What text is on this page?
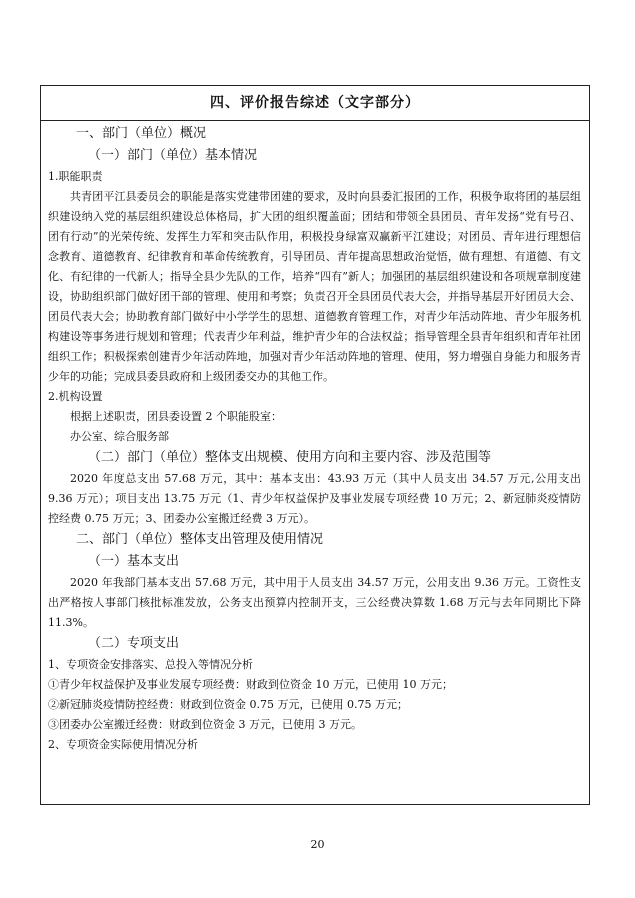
四、评价报告综述（文字部分）
一、部门（单位）概况
（一）部门（单位）基本情况
1.职能职责

共青团平江县委员会的职能是落实党建带团建的要求，及时向县委汇报团的工作，积极争取将团的基层组织建设纳入党的基层组织建设总体格局，扩大团的组织覆盖面；团结和带领全县团员、青年发扬“党有号召、团有行动”的光荣传统、发挥生力军和突击队作用，积极投身绿富双赢新平江建设；对团员、青年进行理想信念教育、道德教育、纪律教育和革命传统教育，引导团员、青年提高思想政治觉悟，做有理想、有道德、有文化、有纪律的一代新人；指导全县少先队的工作，培养“四有”新人；加强团的基层组织建设和各项规章制度建设，协助组织部门做好团干部的管理、使用和考察；负责召开全县团员代表大会，并指导基层开好团员大会、团员代表大会；协助教育部门做好中小学学生的思想、道德教育管理工作，对青少年活动阵地、青少年服务机构建设等事务进行规划和管理；代表青少年利益，维护青少年的合法权益；指导管理全县青年组织和青年社团组织工作；积极探索创建青少年活动阵地，加强对青少年活动阵地的管理、使用，努力增强自身能力和服务青少年的功能；完成县委县政府和上级团委交办的其他工作。

2.机构设置

根据上述职责，团县委设置 2 个职能股室：

办公室、综合服务部

（二）部门（单位）整体支出规模、使用方向和主要内容、涉及范围等

2020 年度总支出 57.68 万元，其中：基本支出：43.93 万元（其中人员支出 34.57 万元,公用支出 9.36 万元）；项目支出 13.75 万元（1、青少年权益保护及事业发展专项经费 10 万元；2、新冠肺炎疫情防控经费 0.75 万元；3、团委办公室搬迁经费 3 万元）。

二、部门（单位）整体支出管理及使用情况
（一）基本支出

2020 年我部门基本支出 57.68 万元，其中用于人员支出 34.57 万元，公用支出 9.36 万元。工资性支出严格按人事部门核批标准发放，公务支出预算内控制开支，三公经费决算数 1.68 万元与去年同期比下降 11.3%。

（二）专项支出

1、专项资金安排落实、总投入等情况分析

①青少年权益保护及事业发展专项经费：财政到位资金 10 万元，已使用 10 万元；

②新冠肺炎疫情防控经费：财政到位资金 0.75 万元，已使用 0.75 万元；

③团委办公室搬迁经费：财政到位资金 3 万元，已使用 3 万元。

2、专项资金实际使用情况分析

20
